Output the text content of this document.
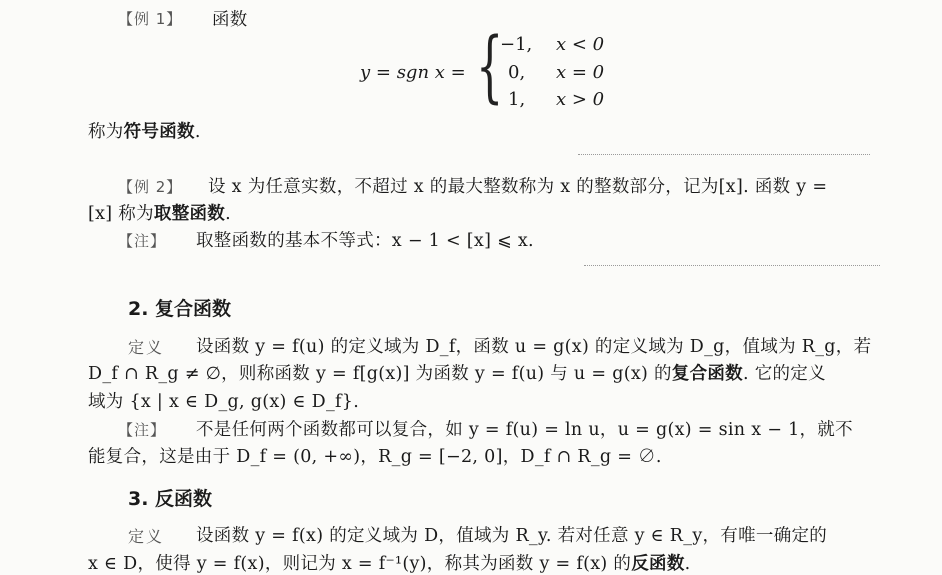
【例 1】 函数
y = sgn x = {
−1, x < 0
0, x = 0
1, x > 0
称为符号函数.
【例 2】 设 x 为任意实数，不超过 x 的最大整数称为 x 的整数部分，记为[x]. 函数 y =
[x] 称为取整函数.
【注】 取整函数的基本不等式：x − 1 < [x] ⩽ x.
2. 复合函数
定义 设函数 y = f(u) 的定义域为 D_f，函数 u = g(x) 的定义域为 D_g，值域为 R_g，若
D_f ∩ R_g ≠ ∅，则称函数 y = f[g(x)] 为函数 y = f(u) 与 u = g(x) 的复合函数. 它的定义
域为 {x | x ∈ D_g, g(x) ∈ D_f}.
【注】 不是任何两个函数都可以复合，如 y = f(u) = ln u，u = g(x) = sin x − 1，就不
能复合，这是由于 D_f = (0, +∞)，R_g = [−2, 0]，D_f ∩ R_g = ∅.
3. 反函数
定义 设函数 y = f(x) 的定义域为 D，值域为 R_y. 若对任意 y ∈ R_y，有唯一确定的
x ∈ D，使得 y = f(x)，则记为 x = f⁻¹(y)，称其为函数 y = f(x) 的反函数.
